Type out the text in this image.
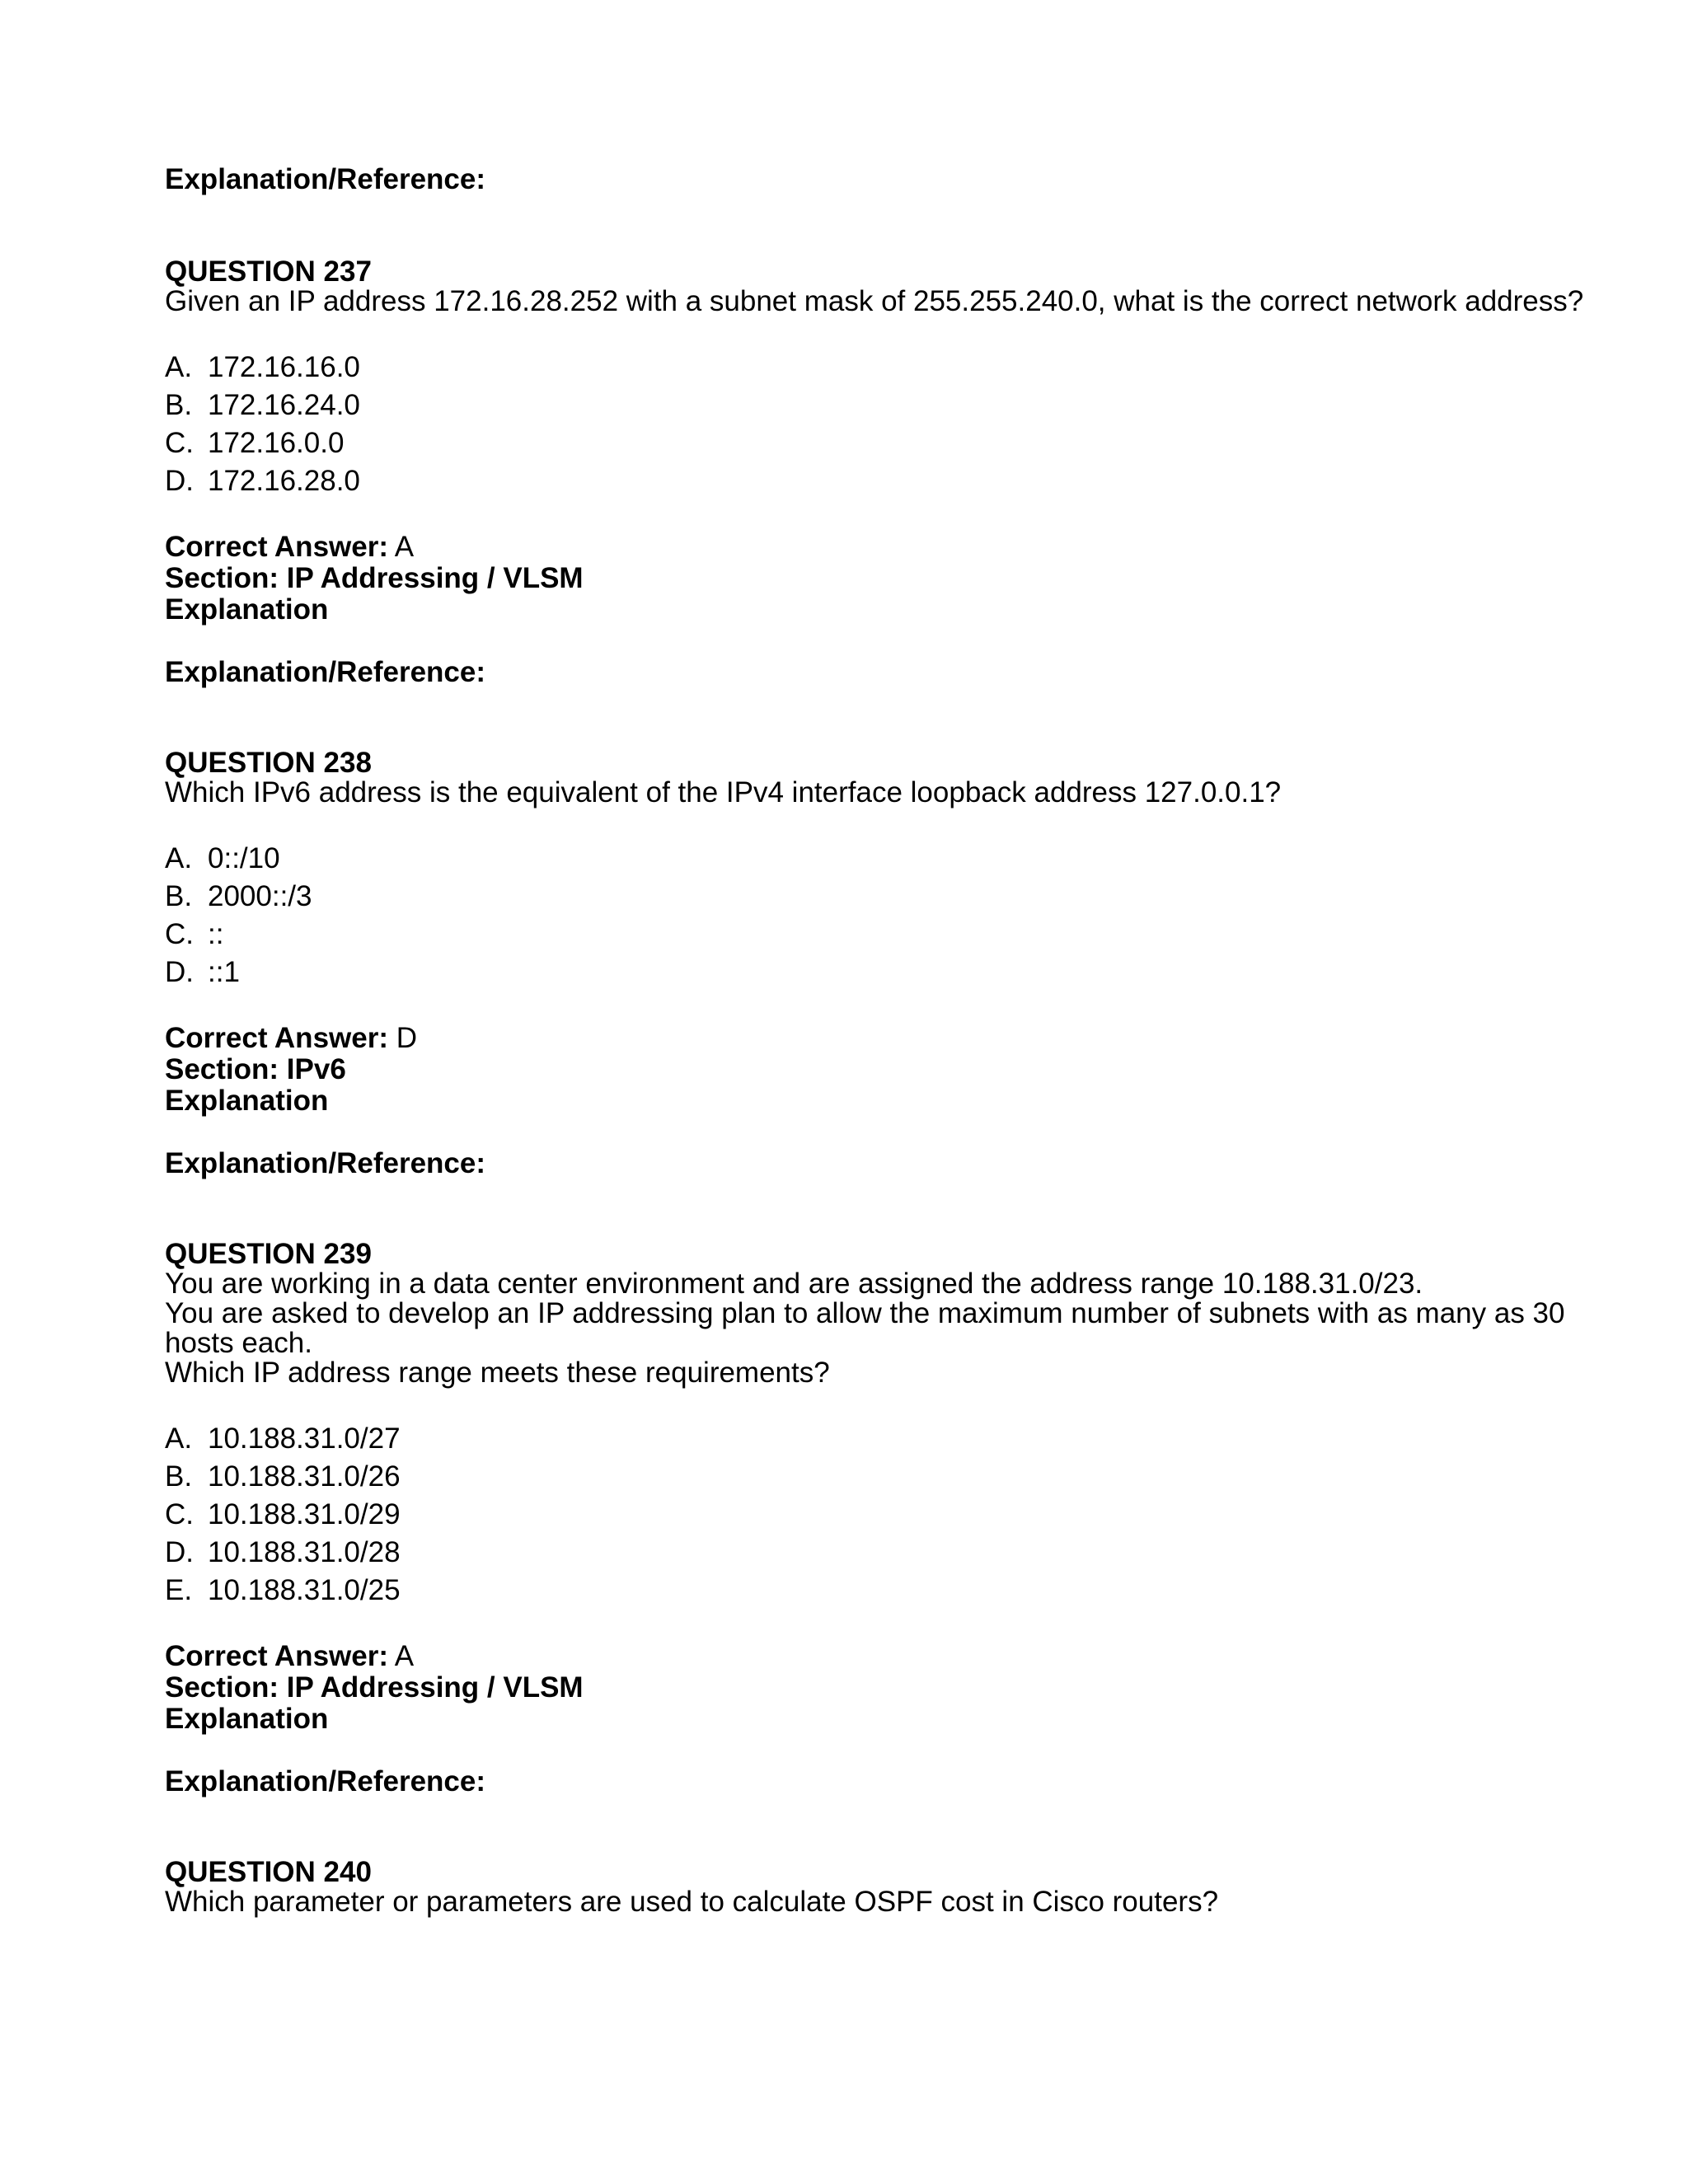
Explanation/Reference:
QUESTION 237
Given an IP address 172.16.28.252 with a subnet mask of 255.255.240.0, what is the correct network address?
A. 172.16.16.0
B. 172.16.24.0
C. 172.16.0.0
D. 172.16.28.0
Correct Answer: A
Section: IP Addressing / VLSM
Explanation
Explanation/Reference:
QUESTION 238
Which IPv6 address is the equivalent of the IPv4 interface loopback address 127.0.0.1?
A. 0::/10
B. 2000::/3
C. ::
D. ::1
Correct Answer: D
Section: IPv6
Explanation
Explanation/Reference:
QUESTION 239
You are working in a data center environment and are assigned the address range 10.188.31.0/23.
You are asked to develop an IP addressing plan to allow the maximum number of subnets with as many as 30
hosts each.
Which IP address range meets these requirements?
A. 10.188.31.0/27
B. 10.188.31.0/26
C. 10.188.31.0/29
D. 10.188.31.0/28
E. 10.188.31.0/25
Correct Answer: A
Section: IP Addressing / VLSM
Explanation
Explanation/Reference:
QUESTION 240
Which parameter or parameters are used to calculate OSPF cost in Cisco routers?
